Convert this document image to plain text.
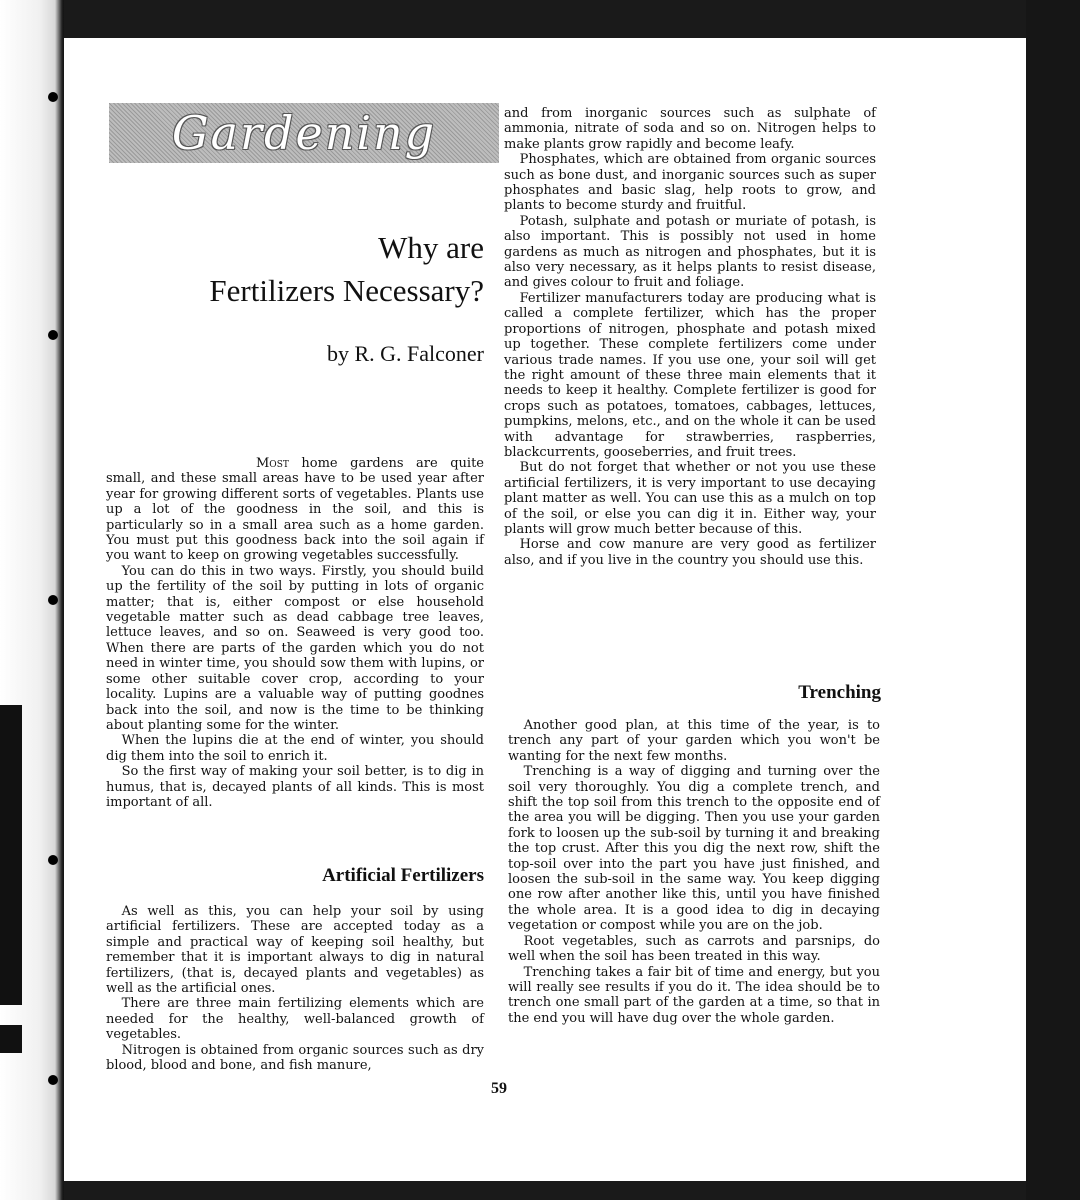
Gardening
Why are
Fertilizers Necessary?

by R. G. Falconer

Most home gardens are quite small, and these small areas have to be used year after year for growing different sorts of vegetables. Plants use up a lot of the goodness in the soil, and this is particularly so in a small area such as a home garden. You must put this goodness back into the soil again if you want to keep on growing vegetables successfully.

You can do this in two ways. Firstly, you should build up the fertility of the soil by putting in lots of organic matter; that is, either compost or else household vegetable matter such as dead cabbage tree leaves, lettuce leaves, and so on. Seaweed is very good too. When there are parts of the garden which you do not need in winter time, you should sow them with lupins, or some other suitable cover crop, according to your locality. Lupins are a valuable way of putting goodnes back into the soil, and now is the time to be thinking about planting some for the winter.

When the lupins die at the end of winter, you should dig them into the soil to enrich it.

So the first way of making your soil better, is to dig in humus, that is, decayed plants of all kinds. This is most important of all.

Artificial Fertilizers

As well as this, you can help your soil by using artificial fertilizers. These are accepted today as a simple and practical way of keeping soil healthy, but remember that it is important always to dig in natural fertilizers, (that is, decayed plants and vegetables) as well as the artificial ones.

There are three main fertilizing elements which are needed for the healthy, well-balanced growth of vegetables.

Nitrogen is obtained from organic sources such as dry blood, blood and bone, and fish manure,

and from inorganic sources such as sulphate of ammonia, nitrate of soda and so on. Nitrogen helps to make plants grow rapidly and become leafy.

Phosphates, which are obtained from organic sources such as bone dust, and inorganic sources such as super phosphates and basic slag, help roots to grow, and plants to become sturdy and fruitful.

Potash, sulphate and potash or muriate of potash, is also important. This is possibly not used in home gardens as much as nitrogen and phosphates, but it is also very necessary, as it helps plants to resist disease, and gives colour to fruit and foliage.

Fertilizer manufacturers today are producing what is called a complete fertilizer, which has the proper proportions of nitrogen, phosphate and potash mixed up together. These complete fertilizers come under various trade names. If you use one, your soil will get the right amount of these three main elements that it needs to keep it healthy. Complete fertilizer is good for crops such as potatoes, tomatoes, cabbages, lettuces, pumpkins, melons, etc., and on the whole it can be used with advantage for strawberries, raspberries, blackcurrents, gooseberries, and fruit trees.

But do not forget that whether or not you use these artificial fertilizers, it is very important to use decaying plant matter as well. You can use this as a mulch on top of the soil, or else you can dig it in. Either way, your plants will grow much better because of this.

Horse and cow manure are very good as fertilizer also, and if you live in the country you should use this.

Trenching

Another good plan, at this time of the year, is to trench any part of your garden which you won't be wanting for the next few months.

Trenching is a way of digging and turning over the soil very thoroughly. You dig a complete trench, and shift the top soil from this trench to the opposite end of the area you will be digging. Then you use your garden fork to loosen up the sub-soil by turning it and breaking the top crust. After this you dig the next row, shift the top-soil over into the part you have just finished, and loosen the sub-soil in the same way. You keep digging one row after another like this, until you have finished the whole area. It is a good idea to dig in decaying vegetation or compost while you are on the job.

Root vegetables, such as carrots and parsnips, do well when the soil has been treated in this way.

Trenching takes a fair bit of time and energy, but you will really see results if you do it. The idea should be to trench one small part of the garden at a time, so that in the end you will have dug over the whole garden.

59
